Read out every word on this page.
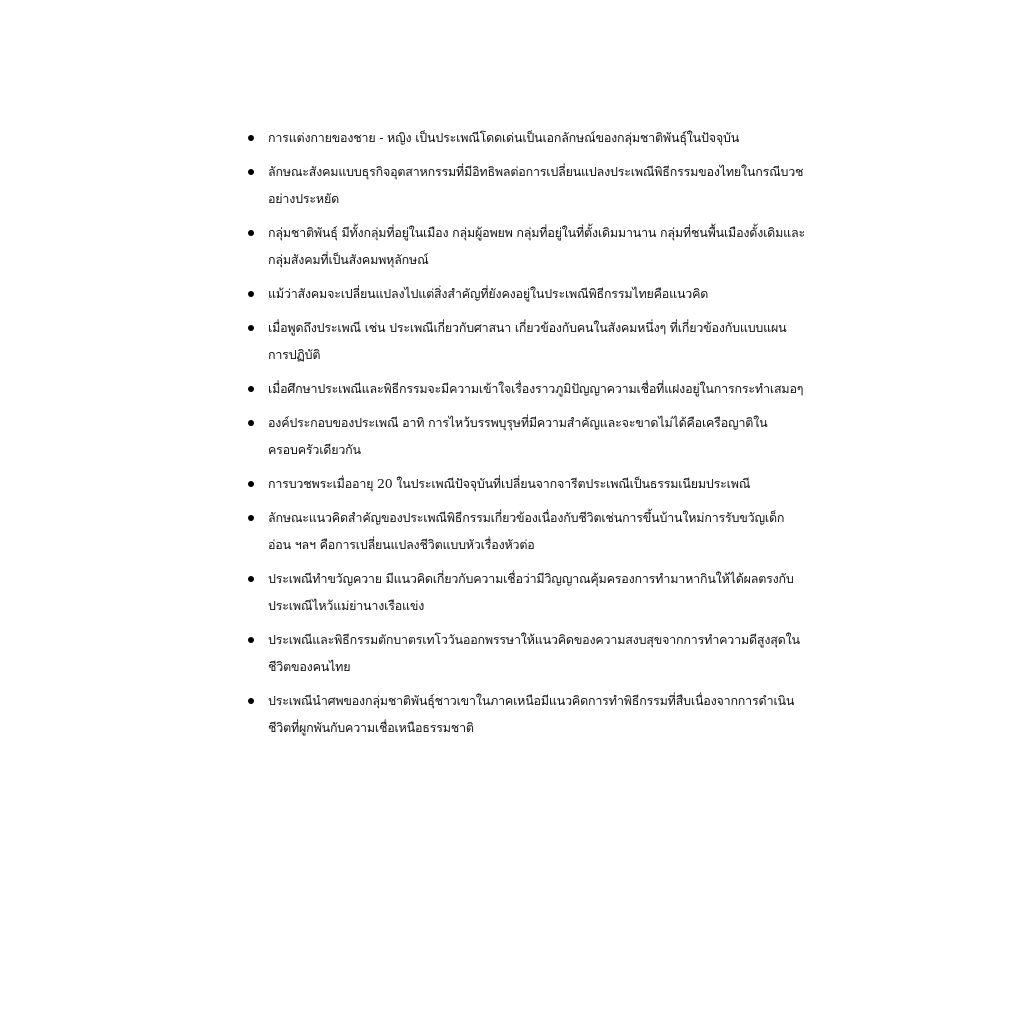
การแต่งกายของชาย - หญิง เป็นประเพณีโดดเด่นเป็นเอกลักษณ์ของกลุ่มชาติพันธุ์ในปัจจุบัน
ลักษณะสังคมแบบธุรกิจอุตสาหกรรมที่มีอิทธิพลต่อการเปลี่ยนแปลงประเพณีพิธีกรรมของไทยในกรณีบวชอย่างประหยัด
กลุ่มชาติพันธุ์ มีทั้งกลุ่มที่อยู่ในเมือง กลุ่มผู้อพยพ กลุ่มที่อยู่ในที่ตั้งเดิมมานาน กลุ่มที่ชนพื้นเมืองดั้งเดิมและกลุ่มสังคมที่เป็นสังคมพหุลักษณ์
แม้ว่าสังคมจะเปลี่ยนแปลงไปแต่สิ่งสำคัญที่ยังคงอยู่ในประเพณีพิธีกรรมไทยคือแนวคิด
เมื่อพูดถึงประเพณี เช่น ประเพณีเกี่ยวกับศาสนา เกี่ยวข้องกับคนในสังคมหนึ่งๆ ที่เกี่ยวข้องกับแบบแผนการปฏิบัติ
เมื่อศึกษาประเพณีและพิธีกรรมจะมีความเข้าใจเรื่องราวภูมิปัญญาความเชื่อที่แฝงอยู่ในการกระทำเสมอๆ
องค์ประกอบของประเพณี อาทิ การไหว้บรรพบุรุษที่มีความสำคัญและจะขาดไม่ได้คือเครือญาติในครอบครัวเดียวกัน
การบวชพระเมื่ออายุ 20 ในประเพณีปัจจุบันที่เปลี่ยนจากจารีตประเพณีเป็นธรรมเนียมประเพณี
ลักษณะแนวคิดสำคัญของประเพณีพิธีกรรมเกี่ยวข้องเนื่องกับชีวิตเช่นการขึ้นบ้านใหม่การรับขวัญเด็กอ่อน ฯลฯ คือการเปลี่ยนแปลงชีวิตแบบหัวเรื่องหัวต่อ
ประเพณีทำขวัญควาย มีแนวคิดเกี่ยวกับความเชื่อว่ามีวิญญาณคุ้มครองการทำมาหากินให้ได้ผลตรงกับประเพณีไหว้แม่ย่านางเรือแข่ง
ประเพณีและพิธีกรรมตักบาตรเทโววันออกพรรษาให้แนวคิดของความสงบสุขจากการทำความดีสูงสุดในชีวิตของคนไทย
ประเพณีนำศพของกลุ่มชาติพันธุ์ชาวเขาในภาคเหนือมีแนวคิดการทำพิธีกรรมที่สืบเนื่องจากการดำเนินชีวิตที่ผูกพันกับความเชื่อเหนือธรรมชาติ
